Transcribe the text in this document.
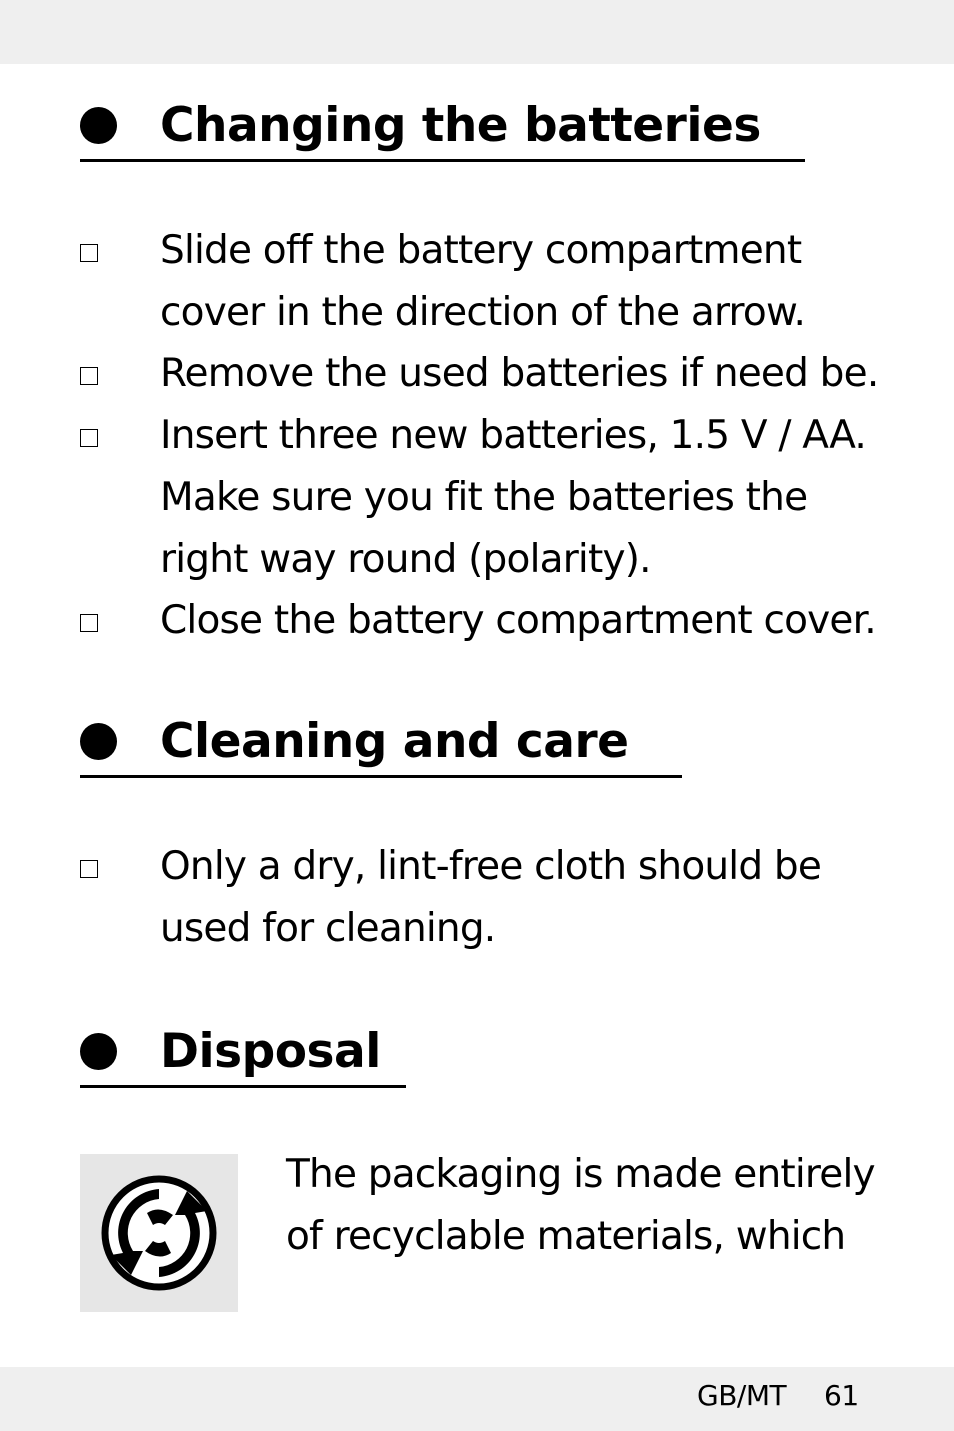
Changing the batteries
Slide off the battery compartment
cover in the direction of the arrow.
Remove the used batteries if need be.
Insert three new batteries, 1.5 V / AA.
Make sure you fit the batteries the
right way round (polarity).
Close the battery compartment cover.
Cleaning and care
Only a dry, lint-free cloth should be
used for cleaning.
Disposal
The packaging is made entirely
of recyclable materials, which
GB/MT 61
